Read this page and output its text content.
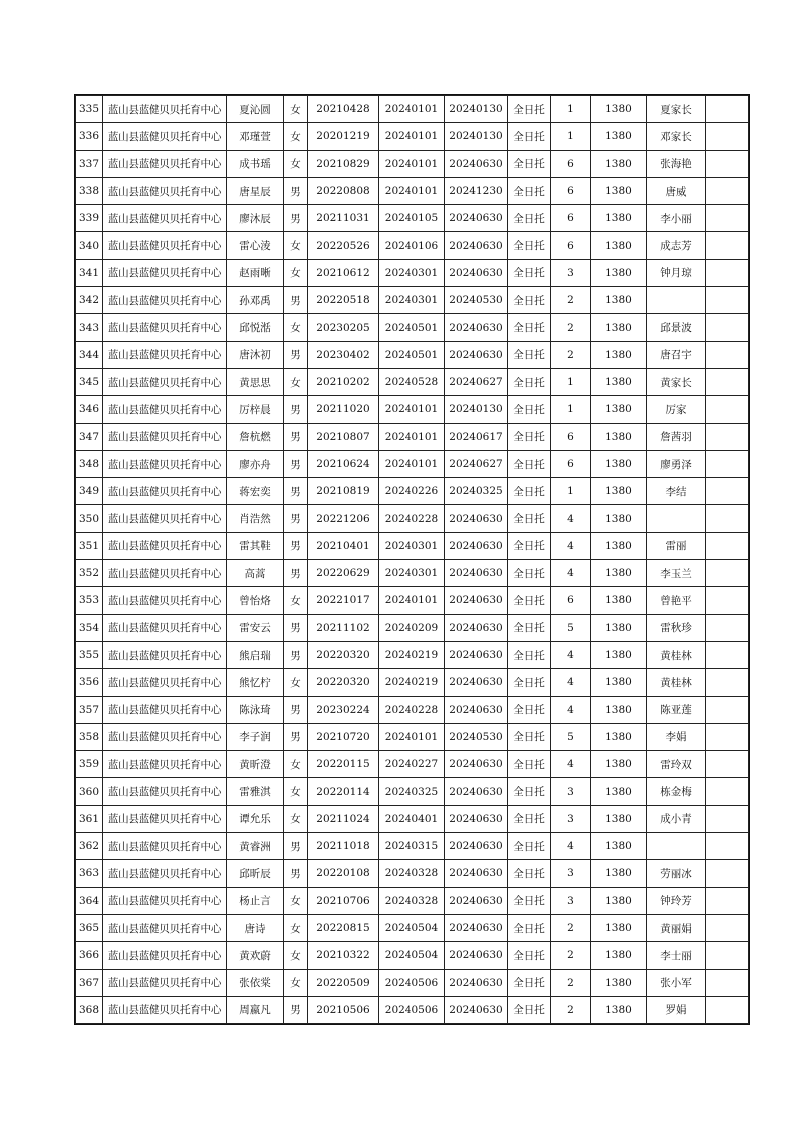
335	蓝山县蓝健贝贝托育中心	夏沁圆	女	20210428	20240101	20240130	全日托	1	1380	夏家长	
336	蓝山县蓝健贝贝托育中心	邓瑾萱	女	20201219	20240101	20240130	全日托	1	1380	邓家长	
337	蓝山县蓝健贝贝托育中心	成书瑶	女	20210829	20240101	20240630	全日托	6	1380	张海艳	
338	蓝山县蓝健贝贝托育中心	唐星辰	男	20220808	20240101	20241230	全日托	6	1380	唐威	
339	蓝山县蓝健贝贝托育中心	廖沐辰	男	20211031	20240105	20240630	全日托	6	1380	李小丽	
340	蓝山县蓝健贝贝托育中心	雷心淩	女	20220526	20240106	20240630	全日托	6	1380	成志芳	
341	蓝山县蓝健贝贝托育中心	赵雨晰	女	20210612	20240301	20240630	全日托	3	1380	钟月琼	
342	蓝山县蓝健贝贝托育中心	孙邓禹	男	20220518	20240301	20240530	全日托	2	1380		
343	蓝山县蓝健贝贝托育中心	邱悦湉	女	20230205	20240501	20240630	全日托	2	1380	邱景波	
344	蓝山县蓝健贝贝托育中心	唐沐初	男	20230402	20240501	20240630	全日托	2	1380	唐召宇	
345	蓝山县蓝健贝贝托育中心	黄思思	女	20210202	20240528	20240627	全日托	1	1380	黄家长	
346	蓝山县蓝健贝贝托育中心	厉梓晨	男	20211020	20240101	20240130	全日托	1	1380	厉家	
347	蓝山县蓝健贝贝托育中心	詹杭燃	男	20210807	20240101	20240617	全日托	6	1380	詹茜羽	
348	蓝山县蓝健贝贝托育中心	廖亦舟	男	20210624	20240101	20240627	全日托	6	1380	廖勇泽	
349	蓝山县蓝健贝贝托育中心	蒋宏奕	男	20210819	20240226	20240325	全日托	1	1380	李结	
350	蓝山县蓝健贝贝托育中心	肖浩然	男	20221206	20240228	20240630	全日托	4	1380		
351	蓝山县蓝健贝贝托育中心	雷其鞋	男	20210401	20240301	20240630	全日托	4	1380	雷丽	
352	蓝山县蓝健贝贝托育中心	高蒿	男	20220629	20240301	20240630	全日托	4	1380	李玉兰	
353	蓝山县蓝健贝贝托育中心	曾怡烙	女	20221017	20240101	20240630	全日托	6	1380	曾艳平	
354	蓝山县蓝健贝贝托育中心	雷安云	男	20211102	20240209	20240630	全日托	5	1380	雷秋珍	
355	蓝山县蓝健贝贝托育中心	熊启瑞	男	20220320	20240219	20240630	全日托	4	1380	黄桂林	
356	蓝山县蓝健贝贝托育中心	熊忆柠	女	20220320	20240219	20240630	全日托	4	1380	黄桂林	
357	蓝山县蓝健贝贝托育中心	陈泳琦	男	20230224	20240228	20240630	全日托	4	1380	陈亚莲	
358	蓝山县蓝健贝贝托育中心	李子润	男	20210720	20240101	20240530	全日托	5	1380	李娟	
359	蓝山县蓝健贝贝托育中心	黄昕澄	女	20220115	20240227	20240630	全日托	4	1380	雷玲双	
360	蓝山县蓝健贝贝托育中心	雷雅淇	女	20220114	20240325	20240630	全日托	3	1380	栋金梅	
361	蓝山县蓝健贝贝托育中心	谭允乐	女	20211024	20240401	20240630	全日托	3	1380	成小青	
362	蓝山县蓝健贝贝托育中心	黄睿洲	男	20211018	20240315	20240630	全日托	4	1380		
363	蓝山县蓝健贝贝托育中心	邱昕辰	男	20220108	20240328	20240630	全日托	3	1380	劳丽冰	
364	蓝山县蓝健贝贝托育中心	杨止言	女	20210706	20240328	20240630	全日托	3	1380	钟玲芳	
365	蓝山县蓝健贝贝托育中心	唐诗	女	20220815	20240504	20240630	全日托	2	1380	黄丽娟	
366	蓝山县蓝健贝贝托育中心	黄欢蔚	女	20210322	20240504	20240630	全日托	2	1380	李士丽	
367	蓝山县蓝健贝贝托育中心	张依棠	女	20220509	20240506	20240630	全日托	2	1380	张小军	
368	蓝山县蓝健贝贝托育中心	周嬴凡	男	20210506	20240506	20240630	全日托	2	1380	罗娟	
